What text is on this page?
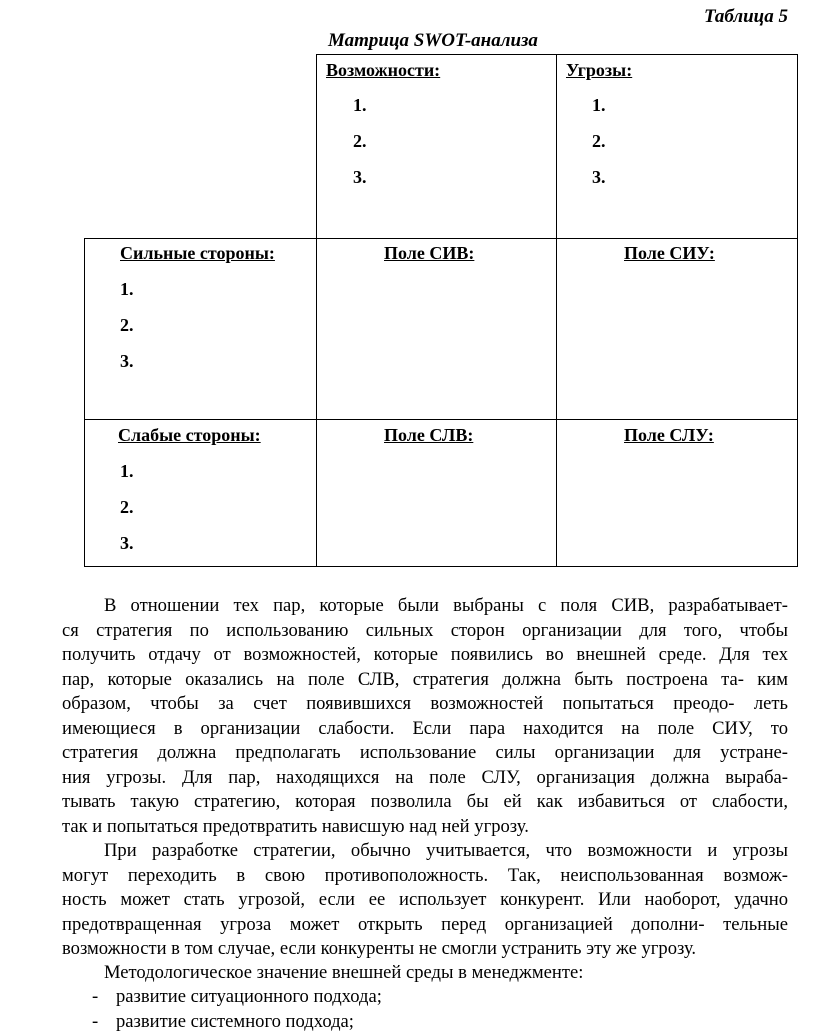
Таблица 5
Матрица SWOT-анализа
Возможности:
1.
2.
3.
Угрозы:
1.
2.
3.
Сильные стороны:
1.
2.
3.
Поле СИВ:	Поле СИУ:
Слабые стороны:
1.
2.
3.
Поле СЛВ:	Поле СЛУ:
В отношении тех пар, которые были выбраны с поля СИВ, разрабатывает-
ся стратегия по использованию сильных сторон организации для того, чтобы
получить отдачу от возможностей, которые появились во внешней среде. Для тех
пар, которые оказались на поле СЛВ, стратегия должна быть построена та- ким
образом, чтобы за счет появившихся возможностей попытаться преодо- леть
имеющиеся в организации слабости. Если пара находится на поле СИУ, то
стратегия должна предполагать использование силы организации для устране-
ния угрозы. Для пар, находящихся на поле СЛУ, организация должна выраба-
тывать такую стратегию, которая позволила бы ей как избавиться от слабости,
так и попытаться предотвратить нависшую над ней угрозу.
При разработке стратегии, обычно учитывается, что возможности и угрозы
могут переходить в свою противоположность. Так, неиспользованная возмож-
ность может стать угрозой, если ее использует конкурент. Или наоборот, удачно
предотвращенная угроза может открыть перед организацией дополни- тельные
возможности в том случае, если конкуренты не смогли устранить эту же угрозу.
Методологическое значение внешней среды в менеджменте:
- развитие ситуационного подхода;
- развитие системного подхода;
